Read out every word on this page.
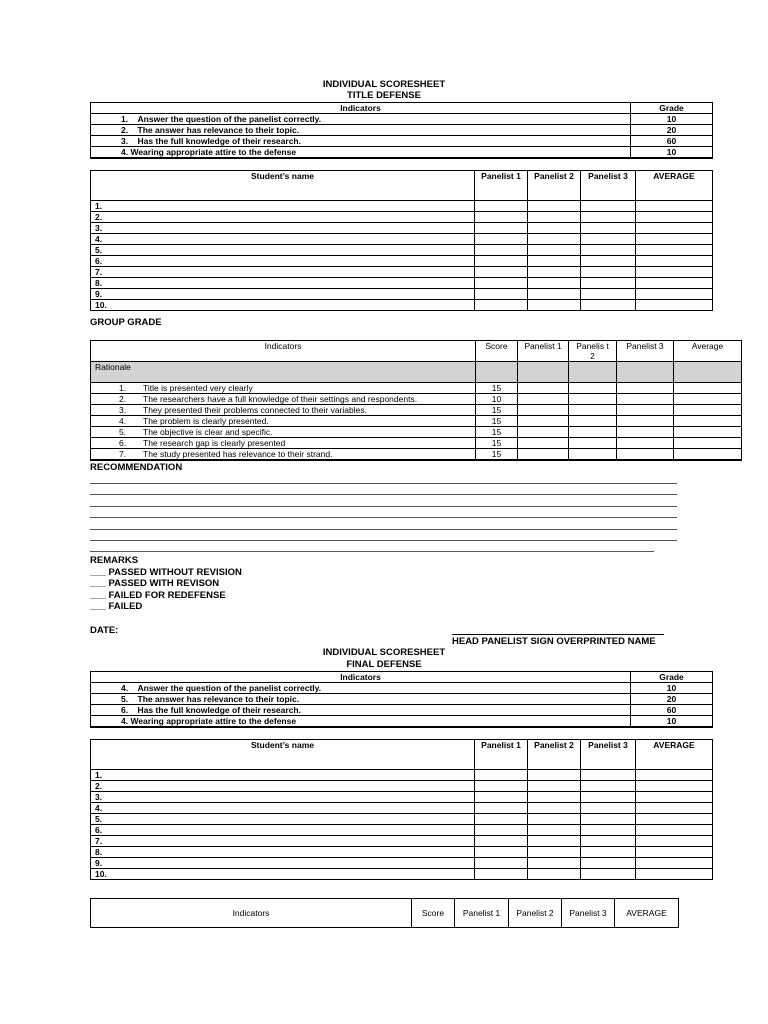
INDIVIDUAL SCORESHEET
TITLE DEFENSE
Indicators	Grade
1. Answer the question of the panelist correctly.	10
2. The answer has relevance to their topic.	20
3. Has the full knowledge of their research.	60
4. Wearing appropriate attire to the defense	10
Student’s name	Panelist 1	Panelist 2	Panelist 3	AVERAGE
1.				
2.				
3.				
4.				
5.				
6.				
7.				
8.				
9.				
10.				
GROUP GRADE
Indicators	Score	Panelist 1	Panelis t 2	Panelist 3	Average
Rationale					
1. Title is presented very clearly	15				
2. The researchers have a full knowledge of their settings and respondents.	10				
3. They presented their problems connected to their variables.	15				
4. The problem is clearly presented.	15				
5. The objective is clear and specific.	15				
6. The research gap is clearly presented	15				
7. The study presented has relevance to their strand.	15				
RECOMMENDATION
REMARKS
___ PASSED WITHOUT REVISION
___ PASSED WITH REVISON
___ FAILED FOR REDEFENSE
___ FAILED
DATE:
HEAD PANELIST SIGN OVERPRINTED NAME
INDIVIDUAL SCORESHEET
FINAL DEFENSE
Indicators	Grade
4. Answer the question of the panelist correctly.	10
5. The answer has relevance to their topic.	20
6. Has the full knowledge of their research.	60
4. Wearing appropriate attire to the defense	10
Student’s name	Panelist 1	Panelist 2	Panelist 3	AVERAGE
1.				
2.				
3.				
4.				
5.				
6.				
7.				
8.				
9.				
10.				
Indicators	Score	Panelist 1	Panelist 2	Panelist 3	AVERAGE
